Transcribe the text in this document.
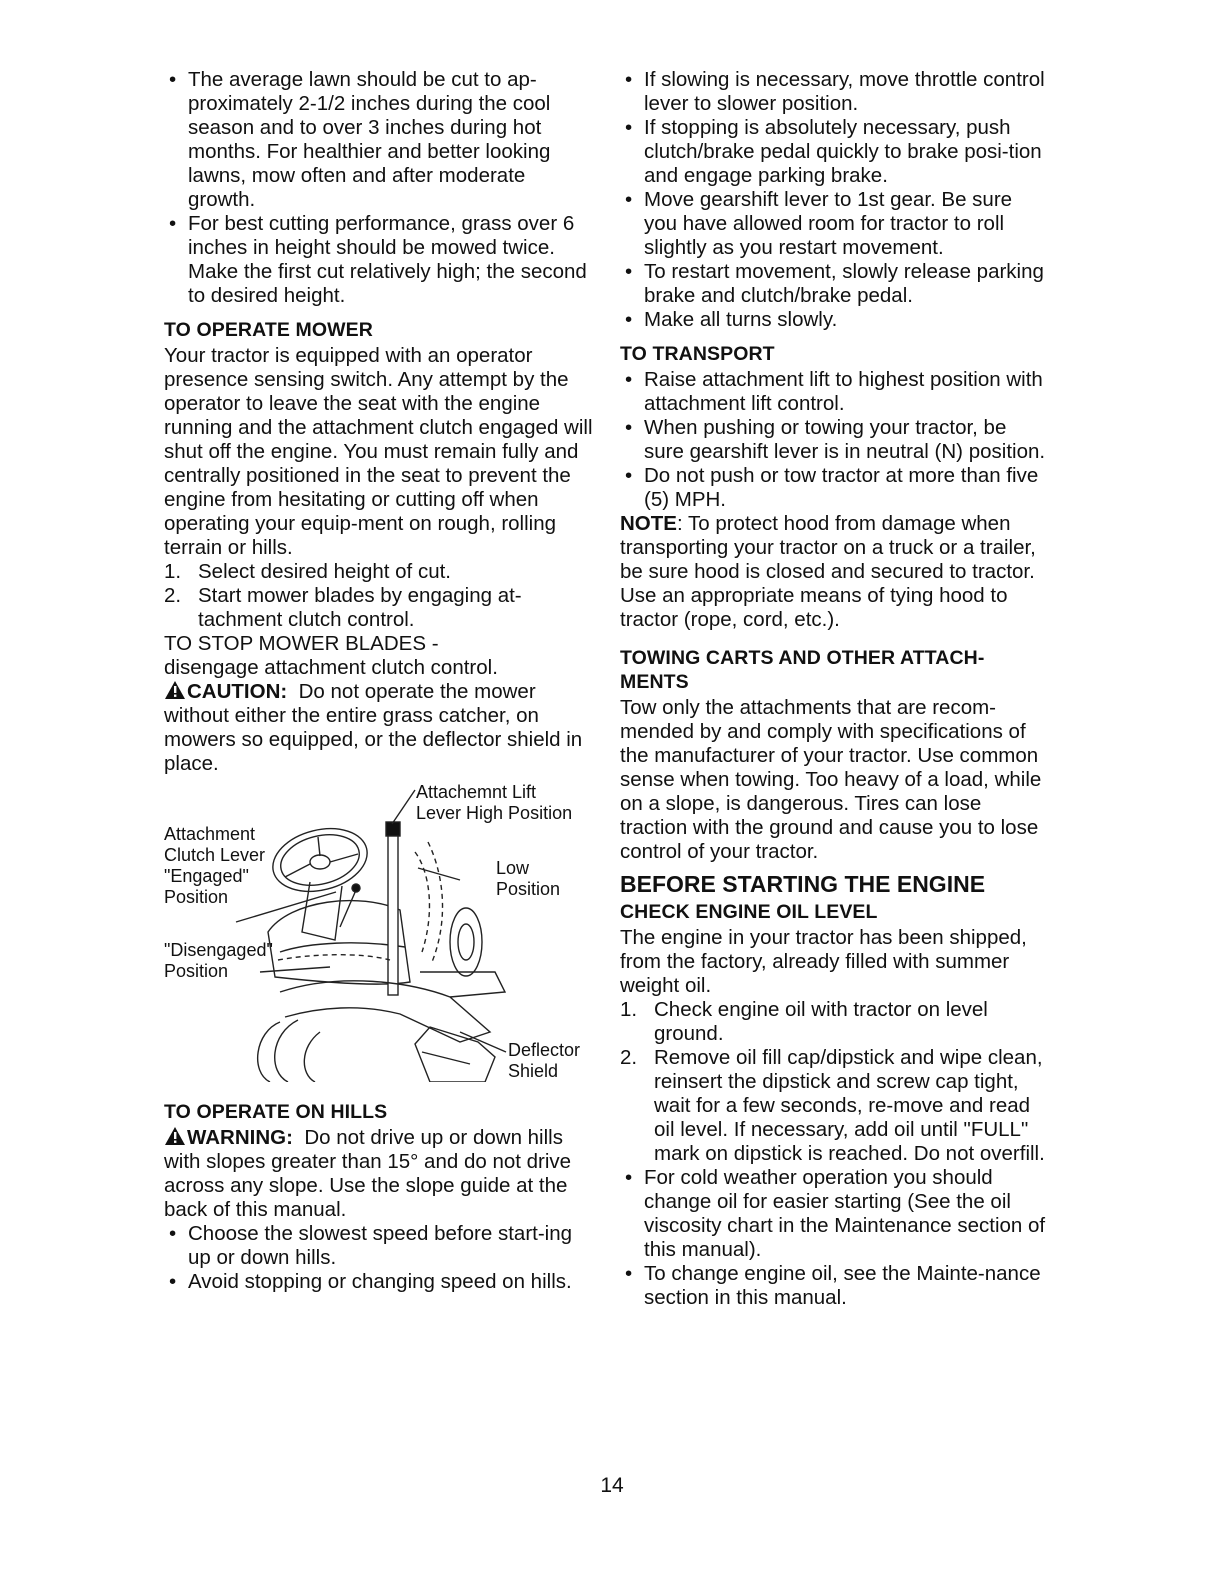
• The average lawn should be cut to ap-proximately 2-1/2 inches during the cool season and to over 3 inches during hot months. For healthier and better looking lawns, mow often and after moderate growth.
• For best cutting performance, grass over 6 inches in height should be mowed twice. Make the first cut relatively high; the second to desired height.
TO OPERATE MOWER

Your tractor is equipped with an operator presence sensing switch. Any attempt by the operator to leave the seat with the engine running and the attachment clutch engaged will shut off the engine. You must remain fully and centrally positioned in the seat to prevent the engine from hesitating or cutting off when operating your equip-ment on rough, rolling terrain or hills.

1. Select desired height of cut.
2. Start mower blades by engaging at-tachment clutch control.

TO STOP MOWER BLADES -

disengage attachment clutch control.

CAUTION: Do not operate the mower without either the entire grass catcher, on mowers so equipped, or the deflector shield in place.

Attachemnt Lift
Lever High Position
Attachment
Clutch Lever
"Engaged"
Position
Low
Position
"Disengaged"
Position
Deflector
Shield
TO OPERATE ON HILLS

WARNING: Do not drive up or down hills with slopes greater than 15° and do not drive across any slope. Use the slope guide at the back of this manual.

• Choose the slowest speed before start-ing up or down hills.
• Avoid stopping or changing speed on hills.
• If slowing is necessary, move throttle control lever to slower position.
• If stopping is absolutely necessary, push clutch/brake pedal quickly to brake posi-tion and engage parking brake.
• Move gearshift lever to 1st gear. Be sure you have allowed room for tractor to roll slightly as you restart movement.
• To restart movement, slowly release parking brake and clutch/brake pedal.
• Make all turns slowly.
TO TRANSPORT
• Raise attachment lift to highest position with attachment lift control.
• When pushing or towing your tractor, be sure gearshift lever is in neutral (N) position.
• Do not push or tow tractor at more than five (5) MPH.

NOTE: To protect hood from damage when transporting your tractor on a truck or a trailer, be sure hood is closed and secured to tractor. Use an appropriate means of tying hood to tractor (rope, cord, etc.).

TOWING CARTS AND OTHER ATTACH-MENTS

Tow only the attachments that are recom-mended by and comply with specifications of the manufacturer of your tractor. Use common sense when towing. Too heavy of a load, while on a slope, is dangerous. Tires can lose traction with the ground and cause you to lose control of your tractor.

BEFORE STARTING THE ENGINE
CHECK ENGINE OIL LEVEL

The engine in your tractor has been shipped, from the factory, already filled with summer weight oil.

1. Check engine oil with tractor on level ground.
2. Remove oil fill cap/dipstick and wipe clean, reinsert the dipstick and screw cap tight, wait for a few seconds, re-move and read oil level. If necessary, add oil until "FULL" mark on dipstick is reached. Do not overfill.
• For cold weather operation you should change oil for easier starting (See the oil viscosity chart in the Maintenance section of this manual).
• To change engine oil, see the Mainte-nance section in this manual.
14
